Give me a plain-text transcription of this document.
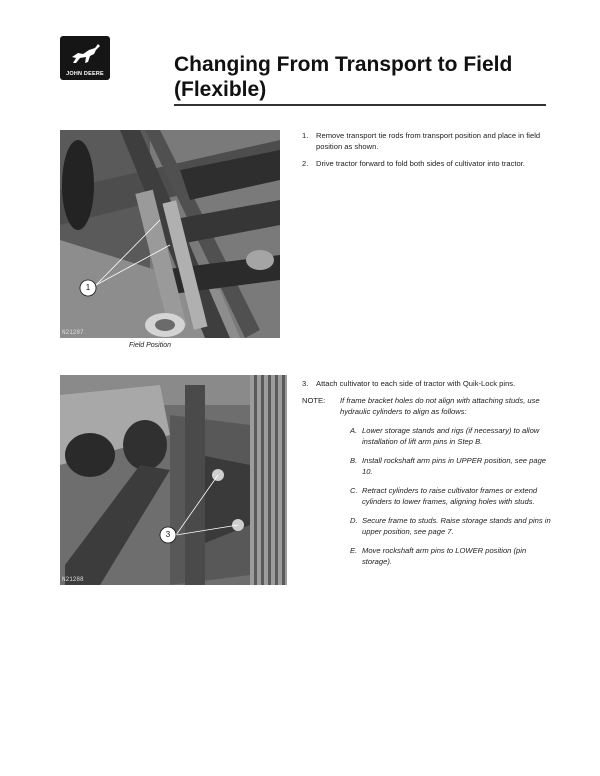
JOHN DEERE	Changing From Transport to Field (Flexible)
1
N21287
Field Position
3
N21288
1. Remove transport tie rods from transport position and place in field position as shown.
2. Drive tractor forward to fold both sides of cultivator into tractor.
3. Attach cultivator to each side of tractor with Quik-Lock pins.
NOTE: If frame bracket holes do not align with attaching studs, use hydraulic cylinders to align as follows:
A. Lower storage stands and rigs (if necessary) to allow installation of lift arm pins in Step B.
B. Install rockshaft arm pins in UPPER position, see page 10.
C. Retract cylinders to raise cultivator frames or extend cylinders to lower frames, aligning holes with studs.
D. Secure frame to studs. Raise storage stands and pins in upper position, see page 7.
E. Move rockshaft arm pins to LOWER position (pin storage).
